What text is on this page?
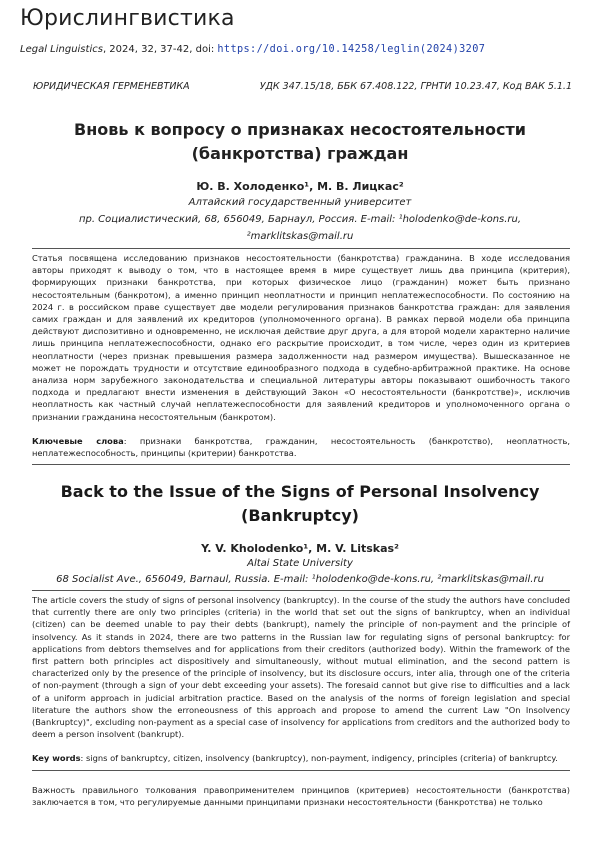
Юрислингвистика
Legal Linguistics, 2024, 32, 37-42, doi: https://doi.org/10.14258/leglin(2024)3207
ЮРИДИЧЕСКАЯ ГЕРМЕНЕВТИКА	УДК 347.15/18, ББК 67.408.122, ГРНТИ 10.23.47, Код ВАК 5.1.1
Вновь к вопросу о признаках несостоятельности (банкротства) граждан
Ю. В. Холоденко¹, М. В. Лицкас²
Алтайский государственный университет
пр. Социалистический, 68, 656049, Барнаул, Россия. E-mail: ¹holodenko@de-kons.ru,
²marklitskas@mail.ru

Статья посвящена исследованию признаков несостоятельности (банкротства) гражданина. В ходе исследования авторы приходят к выводу о том, что в настоящее время в мире существует лишь два принципа (критерия), формирующих признаки банкротства, при которых физическое лицо (гражданин) может быть признано несостоятельным (банкротом), а именно принцип неоплатности и принцип неплатежеспособности. По состоянию на 2024 г. в российском праве существует две модели регулирования признаков банкротства граждан: для заявления самих граждан и для заявлений их кредиторов (уполномоченного органа). В рамках первой модели оба принципа действуют диспозитивно и одновременно, не исключая действие друг друга, а для второй модели характерно наличие лишь принципа неплатежеспособности, однако его раскрытие происходит, в том числе, через один из критериев неоплатности (через признак превышения размера задолженности над размером имущества). Вышесказанное не может не порождать трудности и отсутствие единообразного подхода в судебно-арбитражной практике. На основе анализа норм зарубежного законодательства и специальной литературы авторы показывают ошибочность такого подхода и предлагают внести изменения в действующий Закон «О несостоятельности (банкротстве)», исключив неоплатность как частный случай неплатежеспособности для заявлений кредиторов и уполномоченного органа о признании гражданина несостоятельным (банкротом).

Ключевые слова: признаки банкротства, гражданин, несостоятельность (банкротство), неоплатность, неплатежеспособность, принципы (критерии) банкротства.

Back to the Issue of the Signs of Personal Insolvency (Bankruptcy)
Y. V. Kholodenko¹, M. V. Litskas²
Altai State University
68 Socialist Ave., 656049, Barnaul, Russia. E-mail: ¹holodenko@de-kons.ru, ²marklitskas@mail.ru

The article covers the study of signs of personal insolvency (bankruptcy). In the course of the study the authors have concluded that currently there are only two principles (criteria) in the world that set out the signs of bankruptcy, when an individual (citizen) can be deemed unable to pay their debts (bankrupt), namely the principle of non-payment and the principle of insolvency. As it stands in 2024, there are two patterns in the Russian law for regulating signs of personal bankruptcy: for applications from debtors themselves and for applications from their creditors (authorized body). Within the framework of the first pattern both principles act dispositively and simultaneously, without mutual elimination, and the second pattern is characterized only by the presence of the principle of insolvency, but its disclosure occurs, inter alia, through one of the criteria of non-payment (through a sign of your debt exceeding your assets). The foresaid cannot but give rise to difficulties and a lack of a uniform approach in judicial arbitration practice. Based on the analysis of the norms of foreign legislation and special literature the authors show the erroneousness of this approach and propose to amend the current Law "On Insolvency (Bankruptcy)", excluding non-payment as a special case of insolvency for applications from creditors and the authorized body to deem a person insolvent (bankrupt).

Key words: signs of bankruptcy, citizen, insolvency (bankruptcy), non-payment, indigency, principles (criteria) of bankruptcy.

Важность правильного толкования правоприменителем принципов (критериев) несостоятельности (банкротства) заключается в том, что регулируемые данными принципами признаки несостоятельности (банкротства) не только
